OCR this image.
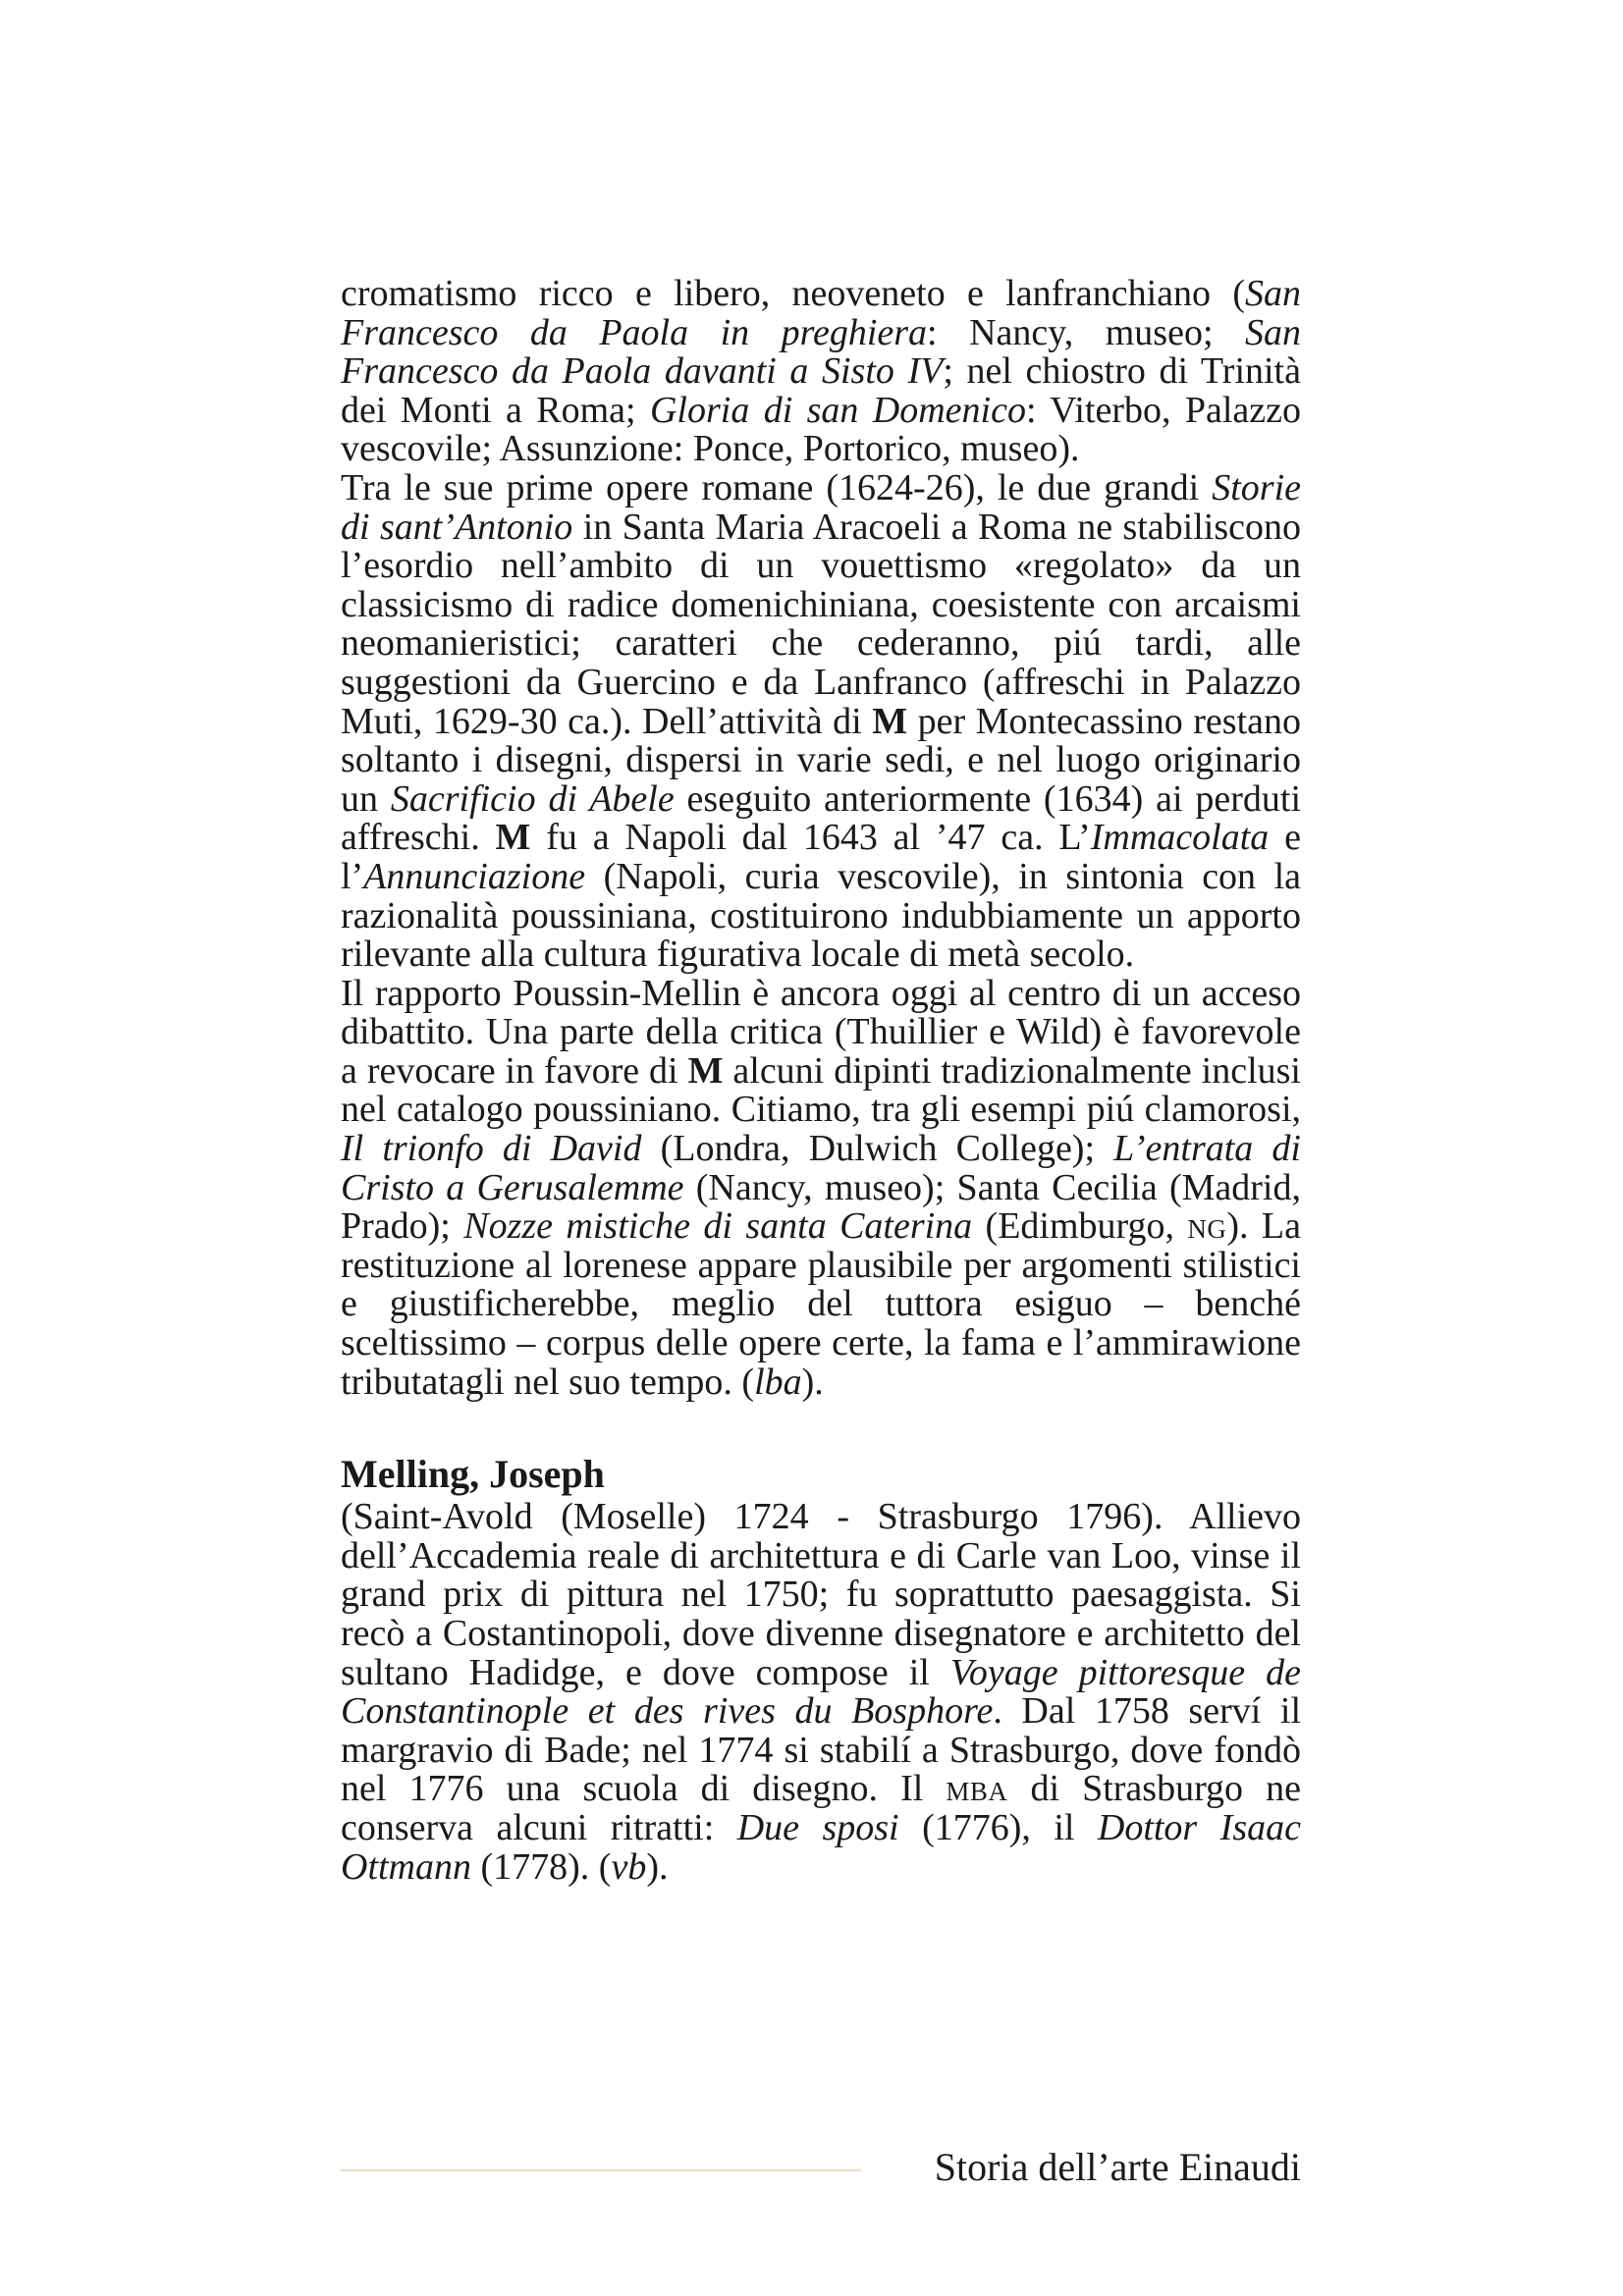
cromatismo ricco e libero, neoveneto e lanfranchiano (San Francesco da Paola in preghiera: Nancy, museo; San Francesco da Paola davanti a Sisto IV; nel chiostro di Trinità dei Monti a Roma; Gloria di san Domenico: Viterbo, Palazzo vescovile; Assunzione: Ponce, Portorico, museo).

Tra le sue prime opere romane (1624-26), le due grandi Storie di sant’Antonio in Santa Maria Aracoeli a Roma ne stabiliscono l’esordio nell’ambito di un vouettismo «regolato» da un classicismo di radice domenichiniana, coesistente con arcaismi neomanieristici; caratteri che cederanno, piú tardi, alle suggestioni da Guercino e da Lanfranco (affreschi in Palazzo Muti, 1629-30 ca.). Dell’attività di M per Montecassino restano soltanto i disegni, dispersi in varie sedi, e nel luogo originario un Sacrificio di Abele eseguito anteriormente (1634) ai perduti affreschi. M fu a Napoli dal 1643 al ’47 ca. L’Immacolata e l’Annunciazione (Napoli, curia vescovile), in sintonia con la razionalità poussiniana, costituirono indubbiamente un apporto rilevante alla cultura figurativa locale di metà secolo.

Il rapporto Poussin-Mellin è ancora oggi al centro di un acceso dibattito. Una parte della critica (Thuillier e Wild) è favorevole a revocare in favore di M alcuni dipinti tradizionalmente inclusi nel catalogo poussiniano. Citiamo, tra gli esempi piú clamorosi, Il trionfo di David (Londra, Dulwich College); L’entrata di Cristo a Gerusalemme (Nancy, museo); Santa Cecilia (Madrid, Prado); Nozze mistiche di santa Caterina (Edimburgo, ng). La restituzione al lorenese appare plausibile per argomenti stilistici e giustificherebbe, meglio del tuttora esiguo – benché sceltissimo – corpus delle opere certe, la fama e l’ammirawione tributatagli nel suo tempo. (lba).

Melling, Joseph

(Saint-Avold (Moselle) 1724 - Strasburgo 1796). Allievo dell’Accademia reale di architettura e di Carle van Loo, vinse il grand prix di pittura nel 1750; fu soprattutto paesaggista. Si recò a Costantinopoli, dove divenne disegnatore e architetto del sultano Hadidge, e dove compose il Voyage pittoresque de Constantinople et des rives du Bosphore. Dal 1758 serví il margravio di Bade; nel 1774 si stabilí a Strasburgo, dove fondò nel 1776 una scuola di disegno. Il mba di Strasburgo ne conserva alcuni ritratti: Due sposi (1776), il Dottor Isaac Ottmann (1778). (vb).

Storia dell’arte Einaudi
